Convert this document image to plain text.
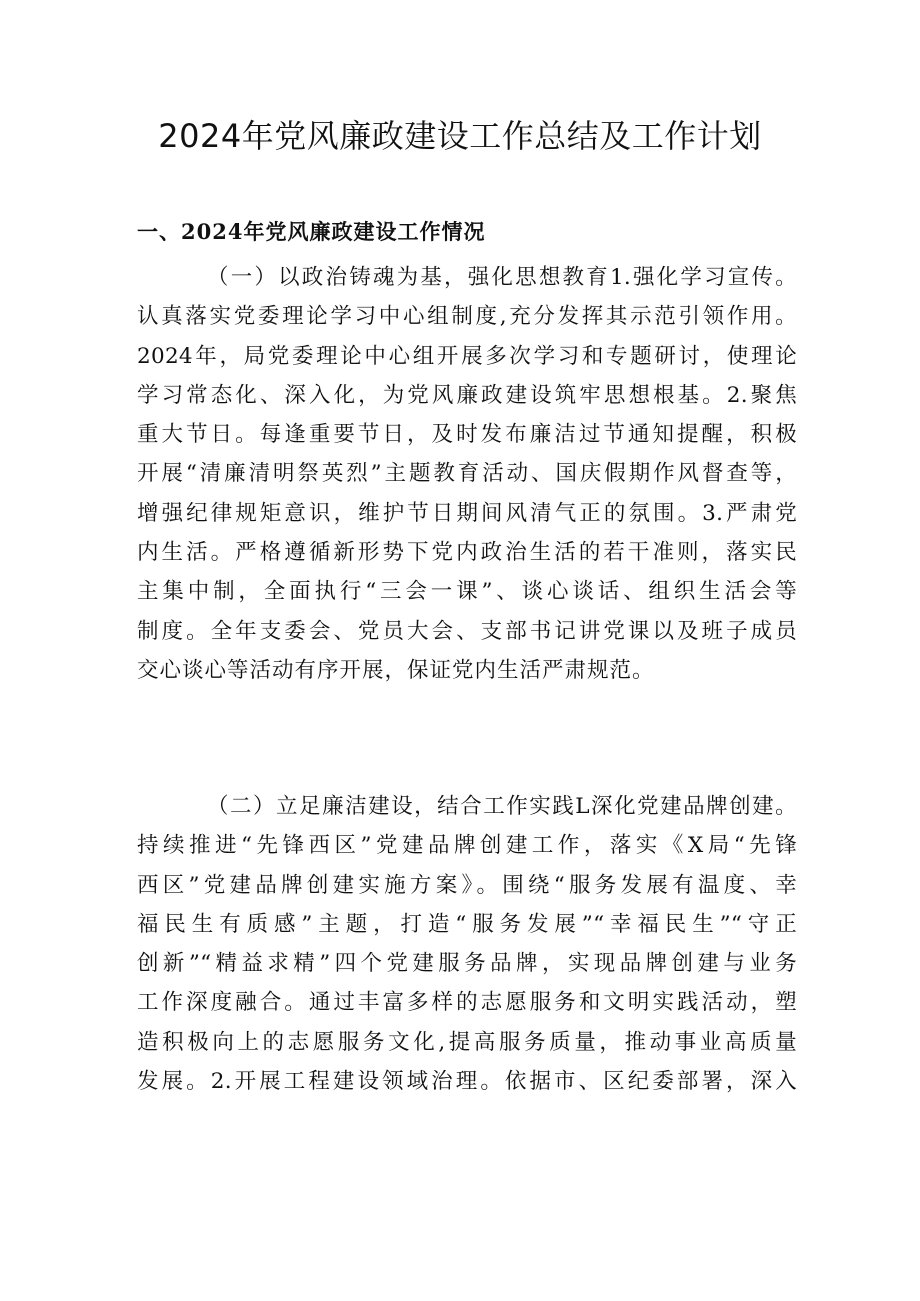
2024年党风廉政建设工作总结及工作计划
一、2024年党风廉政建设工作情况

（一）以政治铸魂为基，强化思想教育1.强化学习宣传。
认真落实党委理论学习中心组制度,充分发挥其示范引领作用。
2024年，局党委理论中心组开展多次学习和专题研讨，使理论
学习常态化、深入化，为党风廉政建设筑牢思想根基。2.聚焦
重大节日。每逢重要节日，及时发布廉洁过节通知提醒，积极
开展“清廉清明祭英烈”主题教育活动、国庆假期作风督查等，
增强纪律规矩意识，维护节日期间风清气正的氛围。3.严肃党
内生活。严格遵循新形势下党内政治生活的若干准则，落实民
主集中制，全面执行“三会一课”、谈心谈话、组织生活会等
制度。全年支委会、党员大会、支部书记讲党课以及班子成员
交心谈心等活动有序开展，保证党内生活严肃规范。

（二）立足廉洁建设，结合工作实践L深化党建品牌创建。
持续推进“先锋西区”党建品牌创建工作，落实《X局“先锋
西区”党建品牌创建实施方案》。围绕“服务发展有温度、幸
福民生有质感”主题，打造“服务发展”“幸福民生”“守正
创新”“精益求精”四个党建服务品牌，实现品牌创建与业务
工作深度融合。通过丰富多样的志愿服务和文明实践活动，塑
造积极向上的志愿服务文化,提高服务质量，推动事业高质量
发展。2.开展工程建设领域治理。依据市、区纪委部署，深入
